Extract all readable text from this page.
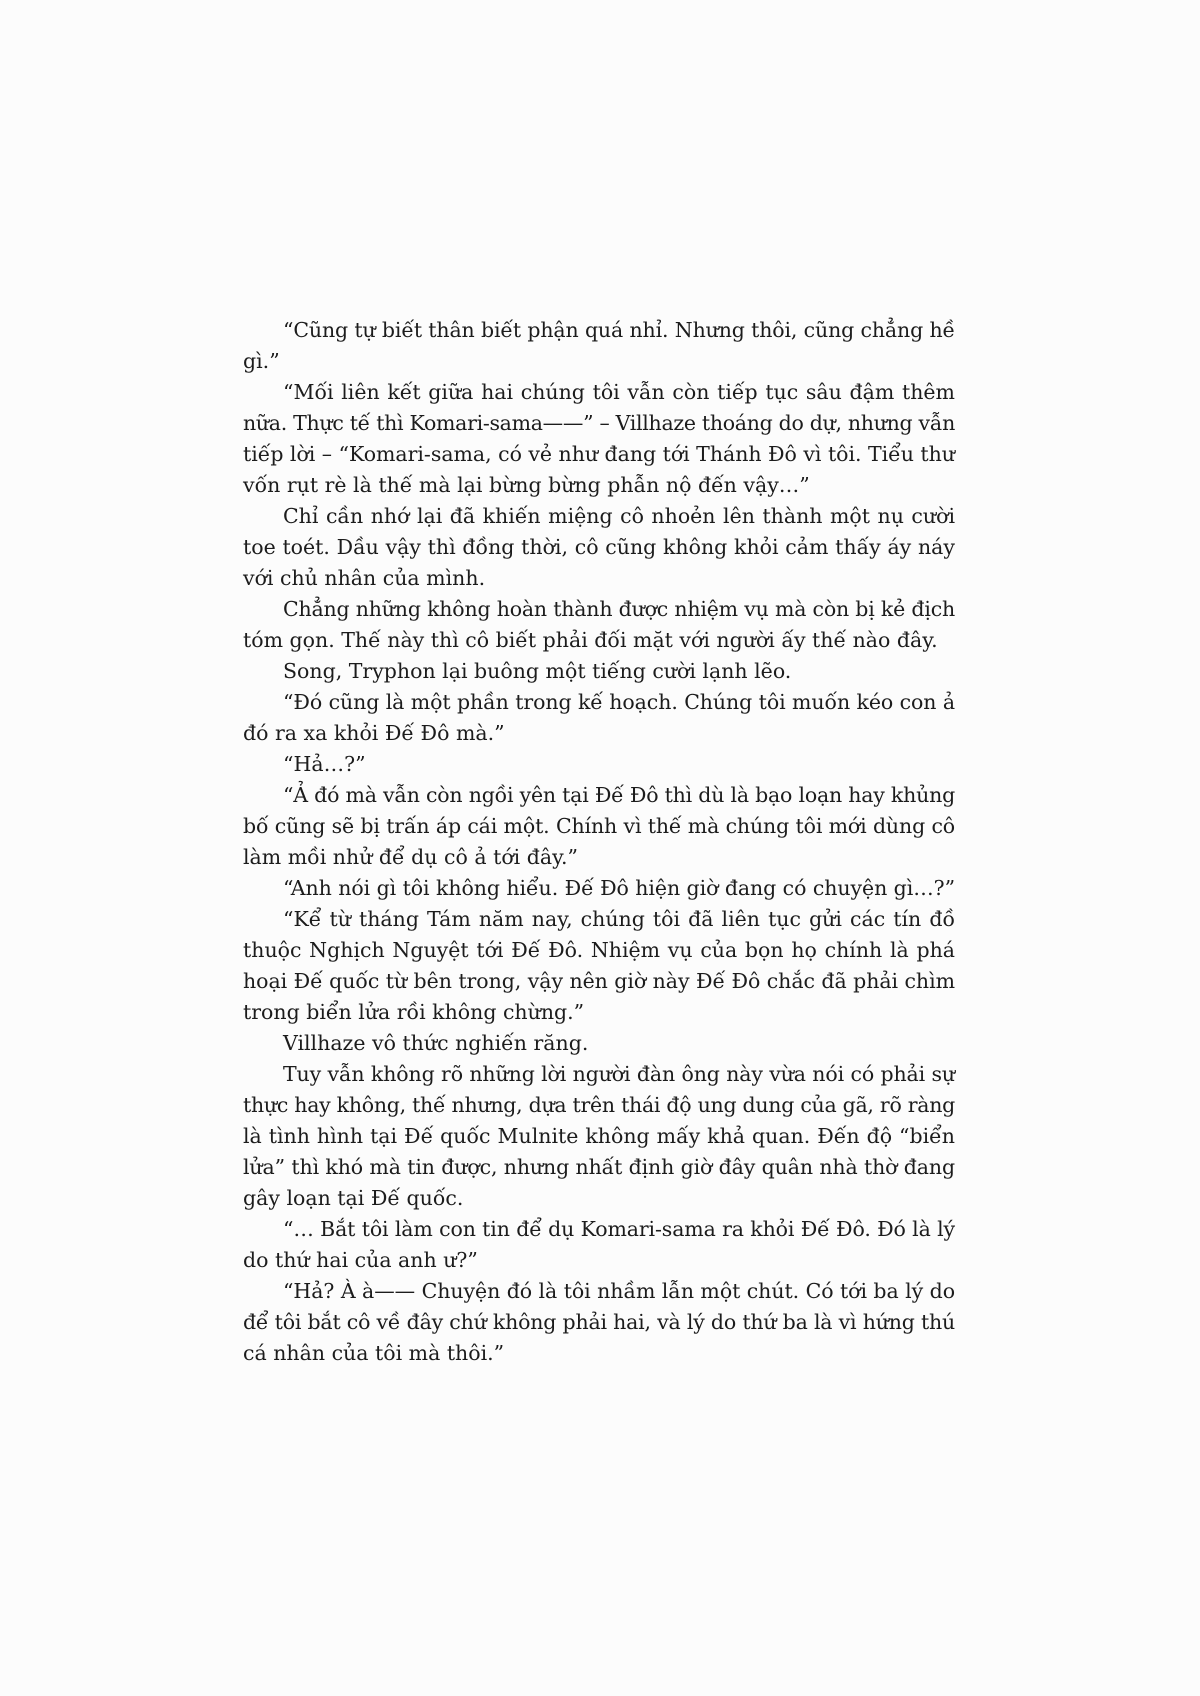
“Cũng tự biết thân biết phận quá nhỉ. Nhưng thôi, cũng chẳng hề
gì.”
“Mối liên kết giữa hai chúng tôi vẫn còn tiếp tục sâu đậm thêm
nữa. Thực tế thì Komari-sama——” – Villhaze thoáng do dự, nhưng vẫn
tiếp lời – “Komari-sama, có vẻ như đang tới Thánh Đô vì tôi. Tiểu thư
vốn rụt rè là thế mà lại bừng bừng phẫn nộ đến vậy…”
Chỉ cần nhớ lại đã khiến miệng cô nhoẻn lên thành một nụ cười
toe toét. Dầu vậy thì đồng thời, cô cũng không khỏi cảm thấy áy náy
với chủ nhân của mình.
Chẳng những không hoàn thành được nhiệm vụ mà còn bị kẻ địch
tóm gọn. Thế này thì cô biết phải đối mặt với người ấy thế nào đây.
Song, Tryphon lại buông một tiếng cười lạnh lẽo.
“Đó cũng là một phần trong kế hoạch. Chúng tôi muốn kéo con ả
đó ra xa khỏi Đế Đô mà.”
“Hả…?”
“Ả đó mà vẫn còn ngồi yên tại Đế Đô thì dù là bạo loạn hay khủng
bố cũng sẽ bị trấn áp cái một. Chính vì thế mà chúng tôi mới dùng cô
làm mồi nhử để dụ cô ả tới đây.”
“Anh nói gì tôi không hiểu. Đế Đô hiện giờ đang có chuyện gì…?”
“Kể từ tháng Tám năm nay, chúng tôi đã liên tục gửi các tín đồ
thuộc Nghịch Nguyệt tới Đế Đô. Nhiệm vụ của bọn họ chính là phá
hoại Đế quốc từ bên trong, vậy nên giờ này Đế Đô chắc đã phải chìm
trong biển lửa rồi không chừng.”
Villhaze vô thức nghiến răng.
Tuy vẫn không rõ những lời người đàn ông này vừa nói có phải sự
thực hay không, thế nhưng, dựa trên thái độ ung dung của gã, rõ ràng
là tình hình tại Đế quốc Mulnite không mấy khả quan. Đến độ “biển
lửa” thì khó mà tin được, nhưng nhất định giờ đây quân nhà thờ đang
gây loạn tại Đế quốc.
“… Bắt tôi làm con tin để dụ Komari-sama ra khỏi Đế Đô. Đó là lý
do thứ hai của anh ư?”
“Hả? À à—— Chuyện đó là tôi nhầm lẫn một chút. Có tới ba lý do
để tôi bắt cô về đây chứ không phải hai, và lý do thứ ba là vì hứng thú
cá nhân của tôi mà thôi.”
